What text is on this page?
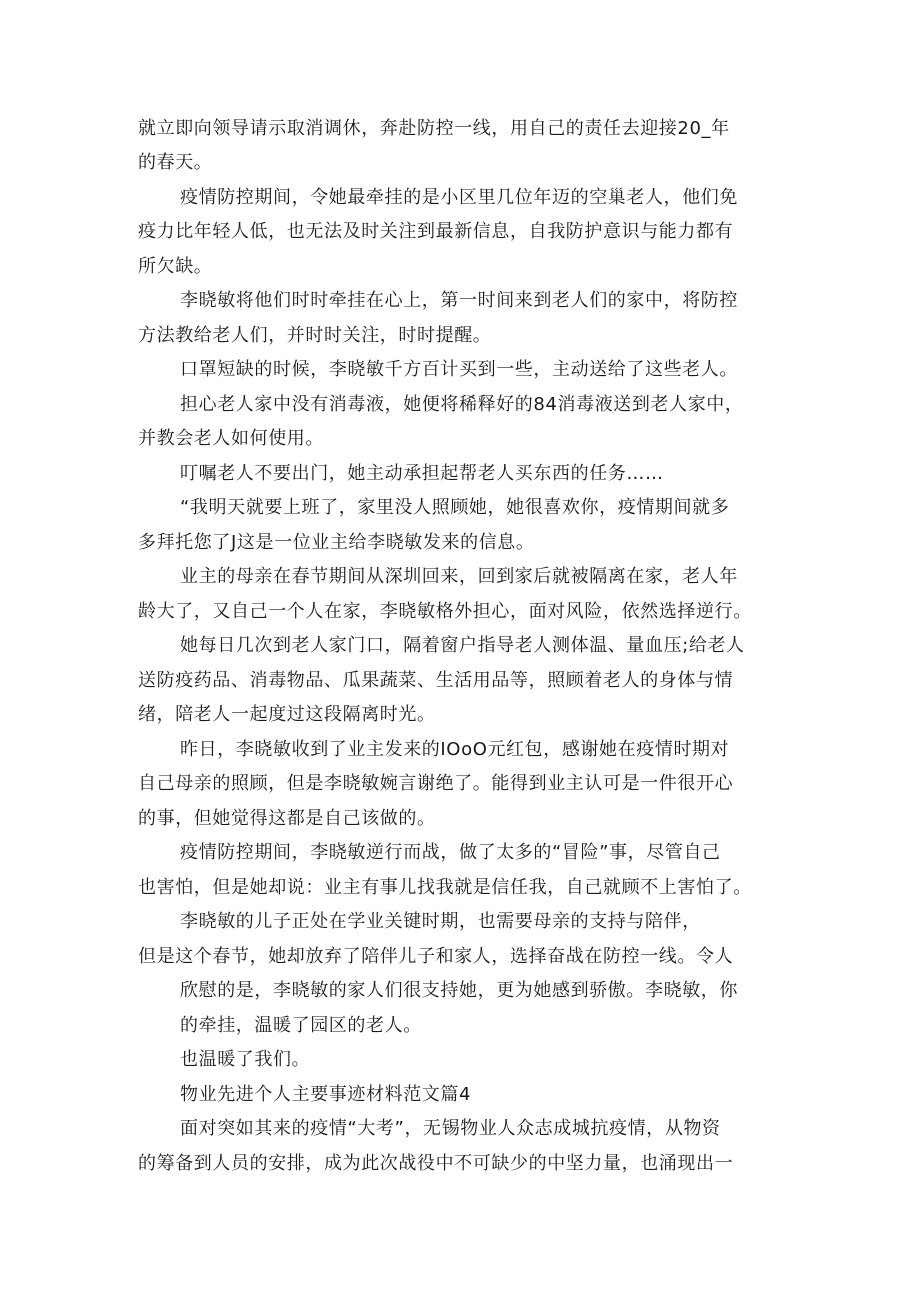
就立即向领导请示取消调休，奔赴防控一线，用自己的责任去迎接20_年
的春天。
疫情防控期间，令她最牵挂的是小区里几位年迈的空巢老人，他们免
疫力比年轻人低，也无法及时关注到最新信息，自我防护意识与能力都有
所欠缺。
李晓敏将他们时时牵挂在心上，第一时间来到老人们的家中，将防控
方法教给老人们，并时时关注，时时提醒。
口罩短缺的时候，李晓敏千方百计买到一些，主动送给了这些老人。
担心老人家中没有消毒液，她便将稀释好的84消毒液送到老人家中，
并教会老人如何使用。
叮嘱老人不要出门，她主动承担起帮老人买东西的任务……
“我明天就要上班了，家里没人照顾她，她很喜欢你，疫情期间就多
多拜托您了J这是一位业主给李晓敏发来的信息。
业主的母亲在春节期间从深圳回来，回到家后就被隔离在家，老人年
龄大了，又自己一个人在家，李晓敏格外担心，面对风险，依然选择逆行。
她每日几次到老人家门口，隔着窗户指导老人测体温、量血压;给老人
送防疫药品、消毒物品、瓜果蔬菜、生活用品等，照顾着老人的身体与情
绪，陪老人一起度过这段隔离时光。
昨日，李晓敏收到了业主发来的IOoO元红包，感谢她在疫情时期对
自己母亲的照顾，但是李晓敏婉言谢绝了。能得到业主认可是一件很开心
的事，但她觉得这都是自己该做的。
疫情防控期间，李晓敏逆行而战，做了太多的“冒险”事，尽管自己
也害怕，但是她却说：业主有事儿找我就是信任我，自己就顾不上害怕了。
李晓敏的儿子正处在学业关键时期，也需要母亲的支持与陪伴，
但是这个春节，她却放弃了陪伴儿子和家人，选择奋战在防控一线。令人
欣慰的是，李晓敏的家人们很支持她，更为她感到骄傲。李晓敏，你
的牵挂，温暖了园区的老人。
也温暖了我们。
物业先进个人主要事迹材料范文篇4
面对突如其来的疫情“大考”，无锡物业人众志成城抗疫情，从物资
的筹备到人员的安排，成为此次战役中不可缺少的中坚力量，也涌现出一
